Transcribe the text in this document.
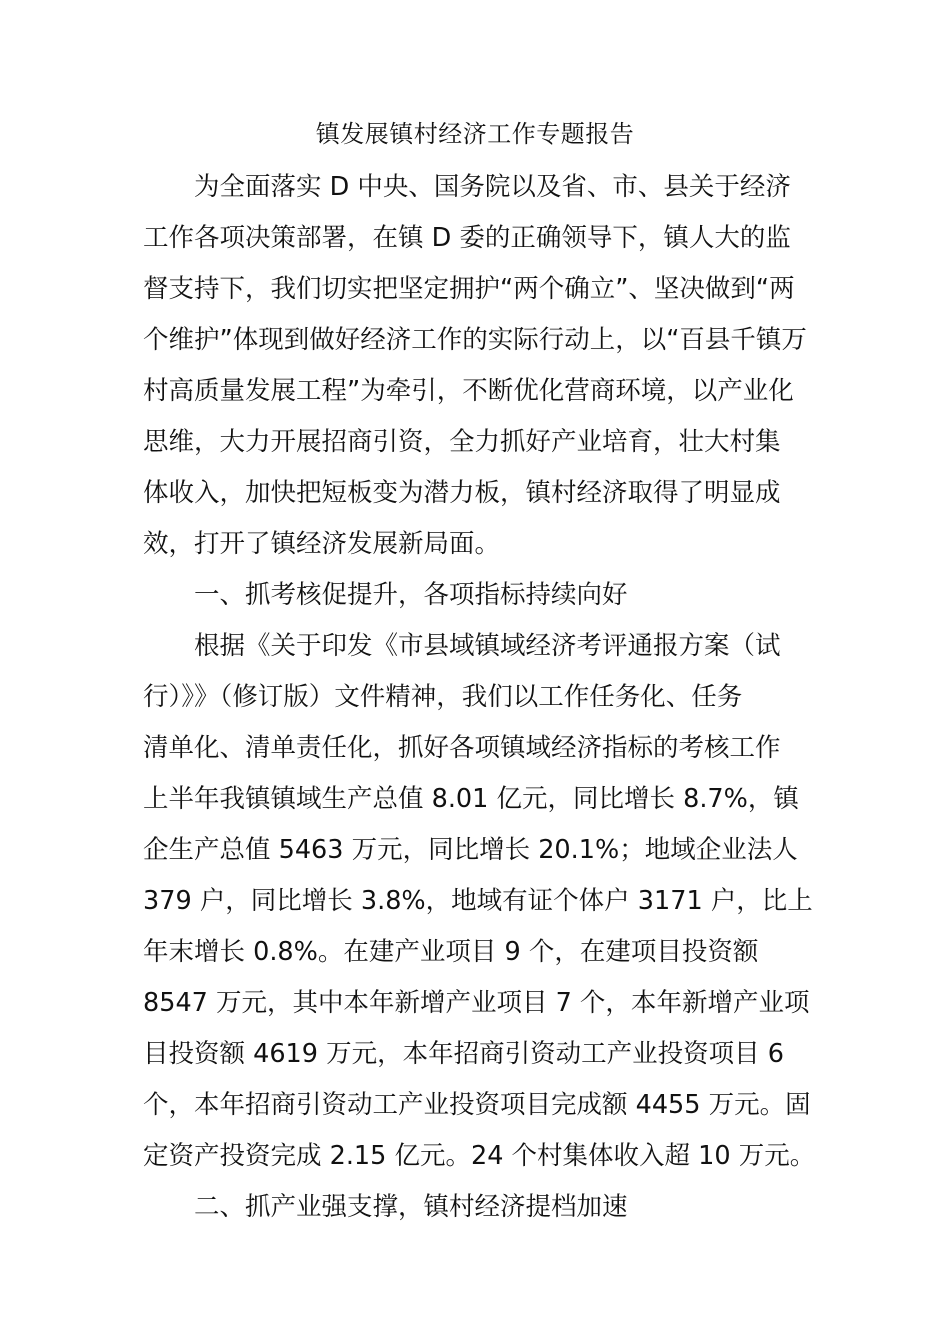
镇发展镇村经济工作专题报告
为全面落实 D 中央、国务院以及省、市、县关于经济
工作各项决策部署，在镇 D 委的正确领导下，镇人大的监
督支持下，我们切实把坚定拥护“两个确立”、坚决做到“两
个维护”体现到做好经济工作的实际行动上，以“百县千镇万
村高质量发展工程”为牵引，不断优化营商环境，以产业化
思维，大力开展招商引资，全力抓好产业培育，壮大村集
体收入，加快把短板变为潜力板，镇村经济取得了明显成
效，打开了镇经济发展新局面。
一、抓考核促提升，各项指标持续向好
根据《关于印发《市县域镇域经济考评通报方案（试
行）》》（修订版）文件精神，我们以工作任务化、任务
清单化、清单责任化，抓好各项镇域经济指标的考核工作
上半年我镇镇域生产总值 8.01 亿元，同比增长 8.7%，镇
企生产总值 5463 万元，同比增长 20.1%；地域企业法人
379 户，同比增长 3.8%，地域有证个体户 3171 户，比上
年末增长 0.8%。在建产业项目 9 个，在建项目投资额
8547 万元，其中本年新增产业项目 7 个，本年新增产业项
目投资额 4619 万元，本年招商引资动工产业投资项目 6
个，本年招商引资动工产业投资项目完成额 4455 万元。固
定资产投资完成 2.15 亿元。24 个村集体收入超 10 万元。
二、抓产业强支撑，镇村经济提档加速
